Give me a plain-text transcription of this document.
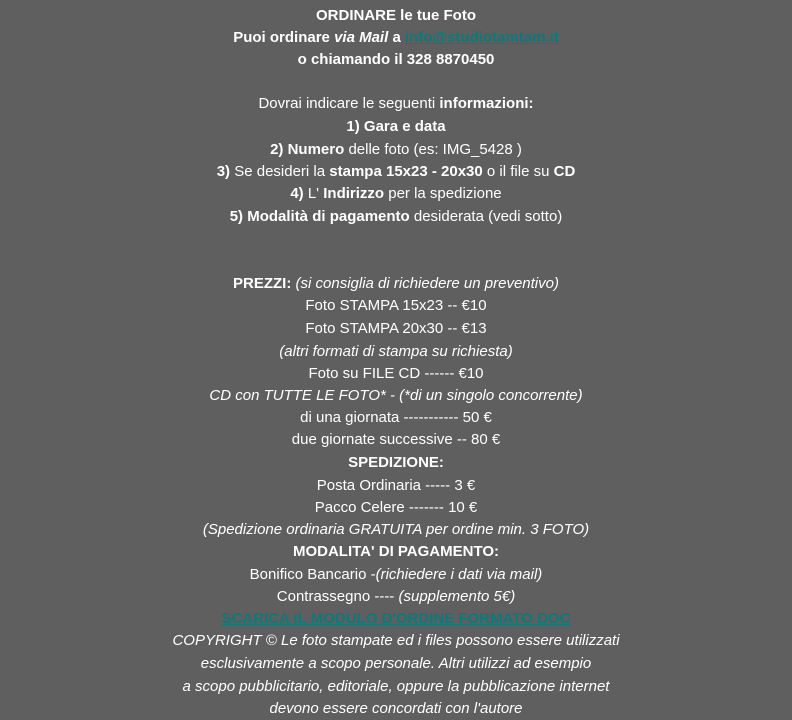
ORDINARE le tue Foto
Puoi ordinare via Mail a info@studiotamtam.it
o chiamando il 328 8870450
Dovrai indicare le seguenti informazioni:
1) Gara e data
2) Numero delle foto (es: IMG_5428 )
3) Se desideri la stampa 15x23 - 20x30 o il file su CD
4) L' Indirizzo per la spedizione
5) Modalità di pagamento desiderata (vedi sotto)
PREZZI: (si consiglia di richiedere un preventivo)
Foto STAMPA 15x23 -- €10
Foto STAMPA 20x30 -- €13
(altri formati di stampa su richiesta)
Foto su FILE CD ------ €10
CD con TUTTE LE FOTO* - (*di un singolo concorrente)
di una giornata ----------- 50 €
due giornate successive -- 80 €
SPEDIZIONE:
Posta Ordinaria ----- 3 €
Pacco Celere ------- 10 €
(Spedizione ordinaria GRATUITA per ordine min. 3 FOTO)
MODALITA' DI PAGAMENTO:
Bonifico Bancario -(richiedere i dati via mail)
Contrassegno ---- (supplemento 5€)
SCARICA IL MODULO D'ORDINE FORMATO DOC
COPYRIGHT © Le foto stampate ed i files possono essere utilizzati
esclusivamente a scopo personale. Altri utilizzi ad esempio
a scopo pubblicitario, editoriale, oppure la pubblicazione internet
devono essere concordati con l'autore
